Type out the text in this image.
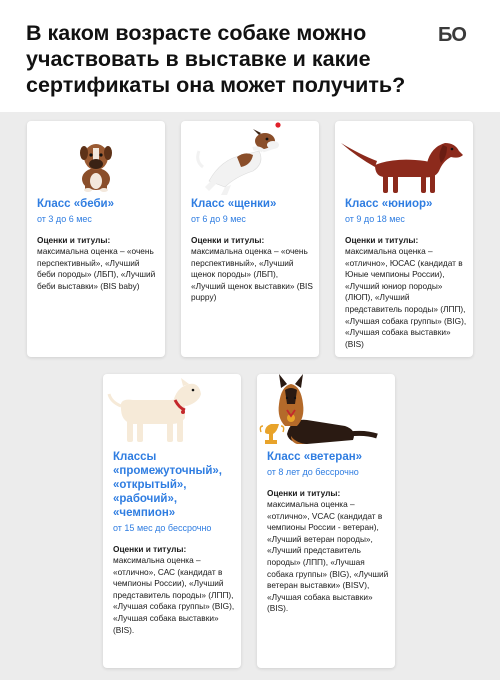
В каком возрасте собаке можно участвовать в выставке и какие сертификаты она может получить?
БО
Класс «беби»
от 3 до 6 мес
Оценки и титулы:
максимальна оценка – «очень перспективный», «Лучший беби породы» (ЛБП), «Лучший беби выставки» (BIS baby)
Класс «щенки»
от 6 до 9 мес
Оценки и титулы:
максимальна оценка – «очень перспективный», «Лучший щенок породы» (ЛБП), «Лучший щенок выставки» (BIS puppy)
Класс «юниор»
от 9 до 18 мес
Оценки и титулы:
максимальна оценка – «отлично», ЮСАС (кандидат в Юные чемпионы России), «Лучший юниор породы» (ЛЮП), «Лучший представитель породы» (ЛПП), «Лучшая собака группы» (BIG), «Лучшая собака выставки» (BIS)
Классы «промежуточный», «открытый», «рабочий», «чемпион»
от 15 мес до бессрочно
Оценки и титулы:
максимальна оценка – «отлично», САС (кандидат в чемпионы России), «Лучший представитель породы» (ЛПП), «Лучшая собака группы» (BIG), «Лучшая собака выставки» (BIS).
Класс «ветеран»
от 8 лет до бессрочно
Оценки и титулы:
максимальна оценка – «отлично», VCAC (кандидат в чемпионы России - ветеран), «Лучший ветеран породы», «Лучший представитель породы» (ЛПП), «Лучшая собака группы» (BIG), «Лучший ветеран выставки» (BISV), «Лучшая собака выставки» (BIS).
